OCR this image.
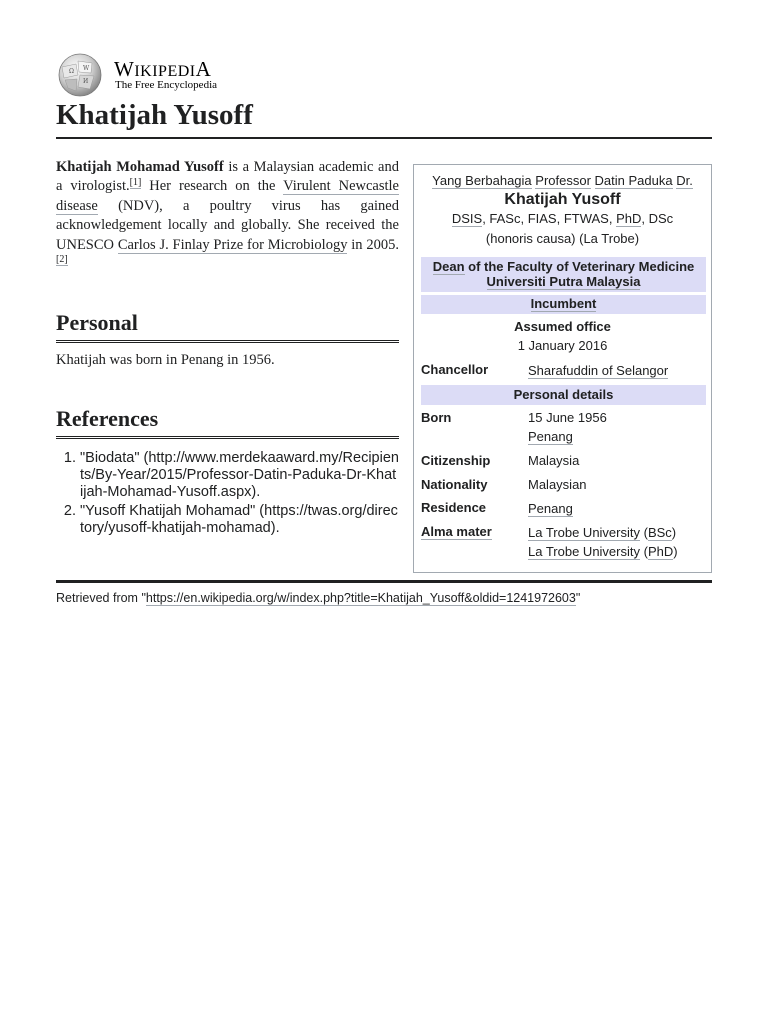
Ω W
И
WIKIPEDIA
The Free Encyclopedia
Khatijah Yusoff

Khatijah Mohamad Yusoff is a Malaysian academic and a virologist.[1] Her research on the Virulent Newcastle disease (NDV), a poultry virus has gained acknowledgement locally and globally. She received the UNESCO Carlos J. Finlay Prize for Microbiology in 2005.[2]

Personal

Khatijah was born in Penang in 1956.

References
1. "Biodata" (http://www.merdekaaward.my/Recipients/By-Year/2015/Professor-Datin-Paduka-Dr-Khatijah-Mohamad-Yusoff.aspx).
2. "Yusoff Khatijah Mohamad" (https://twas.org/directory/yusoff-khatijah-mohamad).
Yang Berbahagia Professor Datin Paduka Dr.
Khatijah Yusoff
DSIS, FASc, FIAS, FTWAS, PhD, DSc
(honoris causa) (La Trobe)
Dean of the Faculty of Veterinary Medicine
Universiti Putra Malaysia
Incumbent
Assumed office
1 January 2016
Chancellor	Sharafuddin of Selangor
Personal details
Born	15 June 1956
Penang
Citizenship	Malaysia
Nationality	Malaysian
Residence	Penang
Alma mater	La Trobe University (BSc)
La Trobe University (PhD)
Retrieved from "https://en.wikipedia.org/w/index.php?title=Khatijah_Yusoff&oldid=1241972603"
